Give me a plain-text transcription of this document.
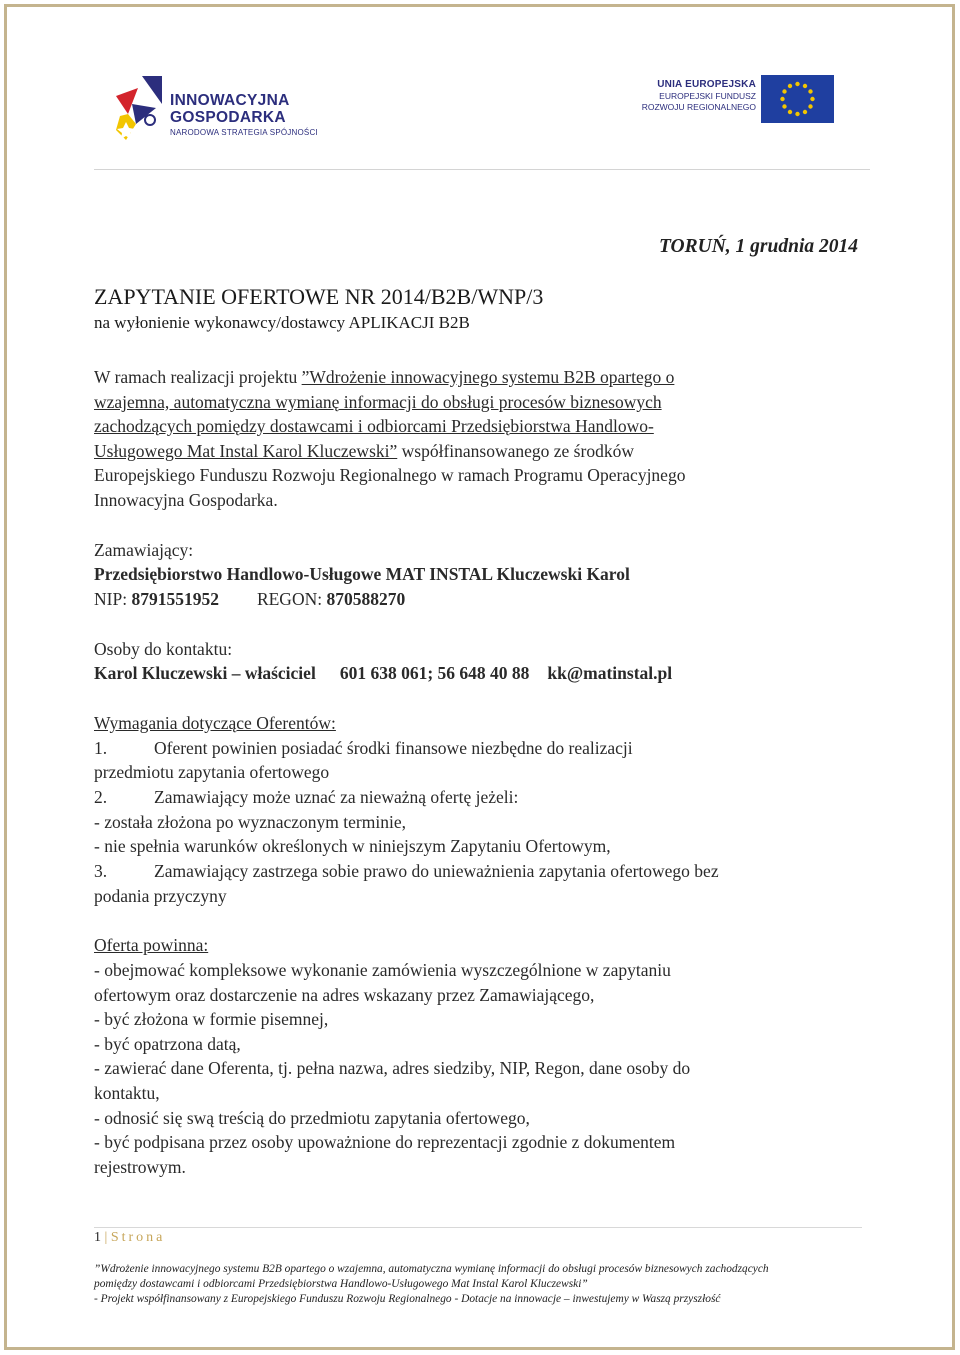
INNOWACYJNA
GOSPODARKA
NARODOWA STRATEGIA SPÓJNOŚCI
UNIA EUROPEJSKA
EUROPEJSKI FUNDUSZ
ROZWOJU REGIONALNEGO
TORUŃ, 1 grudnia 2014
ZAPYTANIE OFERTOWE NR 2014/B2B/WNP/3
na wyłonienie wykonawcy/dostawcy APLIKACJI B2B
W ramach realizacji projektu ”Wdrożenie innowacyjnego systemu B2B opartego o
wzajemna, automatyczna wymianę informacji do obsługi procesów biznesowych
zachodzących pomiędzy dostawcami i odbiorcami Przedsiębiorstwa Handlowo-
Usługowego Mat Instal Karol Kluczewski” współfinansowanego ze środków
Europejskiego Funduszu Rozwoju Regionalnego w ramach Programu Operacyjnego
Innowacyjna Gospodarka.
Zamawiający:
Przedsiębiorstwo Handlowo-Usługowe MAT INSTAL Kluczewski Karol
NIP: 8791551952 REGON: 870588270
Osoby do kontaktu:
Karol Kluczewski – właściciel 601 638 061; 56 648 40 88 kk@matinstal.pl
Wymagania dotyczące Oferentów:
1.	Oferent powinien posiadać środki finansowe niezbędne do realizacji
przedmiotu zapytania ofertowego
2.	Zamawiający może uznać za nieważną ofertę jeżeli:
- została złożona po wyznaczonym terminie,
- nie spełnia warunków określonych w niniejszym Zapytaniu Ofertowym,
3.	Zamawiający zastrzega sobie prawo do unieważnienia zapytania ofertowego bez
podania przyczyny
Oferta powinna:
- obejmować kompleksowe wykonanie zamówienia wyszczególnione w zapytaniu
ofertowym oraz dostarczenie na adres wskazany przez Zamawiającego,
- być złożona w formie pisemnej,
- być opatrzona datą,
- zawierać dane Oferenta, tj. pełna nazwa, adres siedziby, NIP, Regon, dane osoby do
kontaktu,
- odnosić się swą treścią do przedmiotu zapytania ofertowego,
- być podpisana przez osoby upoważnione do reprezentacji zgodnie z dokumentem
rejestrowym.
1 | Strona
”Wdrożenie innowacyjnego systemu B2B opartego o wzajemna, automatyczna wymianę informacji do obsługi procesów biznesowych zachodzących
pomiędzy dostawcami i odbiorcami Przedsiębiorstwa Handlowo-Usługowego Mat Instal Karol Kluczewski”
- Projekt współfinansowany z Europejskiego Funduszu Rozwoju Regionalnego - Dotacje na innowacje – inwestujemy w Waszą przyszłość
